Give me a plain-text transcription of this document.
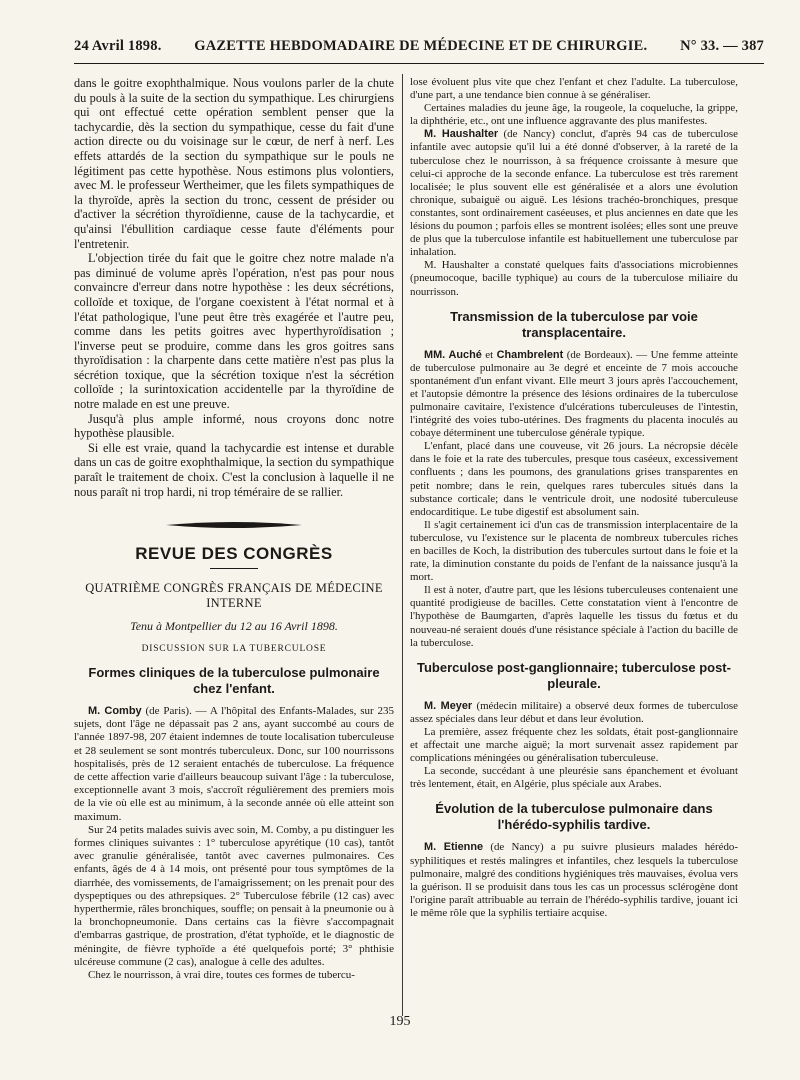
24 Avril 1898. GAZETTE HEBDOMADAIRE DE MÉDECINE ET DE CHIRURGIE. N° 33. — 387

dans le goitre exophthalmique. Nous voulons parler de la chute du pouls à la suite de la section du sympathique. Les chirurgiens qui ont effectué cette opération semblent penser que la tachycardie, dès la section du sympathique, cesse du fait d'une action directe ou du voisinage sur le cœur, de nerf à nerf. Les effets attardés de la section du sympathique sur le pouls ne légitiment pas cette hypothèse. Nous estimons plus volontiers, avec M. le professeur Wertheimer, que les filets sympathiques de la thyroïde, après la section du tronc, cessent de présider ou d'activer la sécrétion thyroïdienne, cause de la tachycardie, et qu'ainsi l'ébullition cardiaque cesse faute d'éléments pour l'entretenir.

L'objection tirée du fait que le goitre chez notre malade n'a pas diminué de volume après l'opération, n'est pas pour nous convaincre d'erreur dans notre hypothèse : les deux sécrétions, colloïde et toxique, de l'organe coexistent à l'état normal et à l'état pathologique, l'une peut être très exagérée et l'autre peu, comme dans les petits goitres avec hyperthyroïdisation ; l'inverse peut se produire, comme dans les gros goitres sans thyroïdisation : la charpente dans cette matière n'est pas plus la sécrétion toxique, que la sécrétion toxique n'est la sécrétion colloïde ; la surintoxication accidentelle par la thyroïdine de notre malade en est une preuve.

Jusqu'à plus ample informé, nous croyons donc notre hypothèse plausible.

Si elle est vraie, quand la tachycardie est intense et durable dans un cas de goitre exophthalmique, la section du sympathique paraît le traitement de choix. C'est la conclusion à laquelle il ne nous paraît ni trop hardi, ni trop téméraire de se rallier.

REVUE DES CONGRÈS
QUATRIÈME CONGRÈS FRANÇAIS DE MÉDECINE INTERNE
Tenu à Montpellier du 12 au 16 Avril 1898.
DISCUSSION SUR LA TUBERCULOSE
Formes cliniques de la tuberculose pulmonaire chez l'enfant.

M. Comby (de Paris). — A l'hôpital des Enfants-Malades, sur 235 sujets, dont l'âge ne dépassait pas 2 ans, ayant succombé au cours de l'année 1897-98, 207 étaient indemnes de toute localisation tuberculeuse et 28 seulement se sont montrés tuberculeux. Donc, sur 100 nourrissons hospitalisés, près de 12 seraient entachés de tuberculose. La fréquence de cette affection varie d'ailleurs beaucoup suivant l'âge : la tuberculose, exceptionnelle avant 3 mois, s'accroît régulièrement des premiers mois de la vie où elle est au minimum, à la seconde année où elle atteint son maximum.

Sur 24 petits malades suivis avec soin, M. Comby, a pu distinguer les formes cliniques suivantes : 1° tuberculose apyrétique (10 cas), tantôt avec granulie généralisée, tantôt avec cavernes pulmonaires. Ces enfants, âgés de 4 à 14 mois, ont présenté pour tous symptômes de la diarrhée, des vomissements, de l'amaigrissement; on les prenait pour des dyspeptiques ou des athrepsiques. 2° Tuberculose fébrile (12 cas) avec hyperthermie, râles bronchiques, souffle; on pensait à la pneumonie ou à la bronchopneumonie. Dans certains cas la fièvre s'accompagnait d'embarras gastrique, de prostration, d'état typhoïde, et le diagnostic de méningite, de fièvre typhoïde a été quelquefois porté; 3° phthisie ulcéreuse commune (2 cas), analogue à celle des adultes.

Chez le nourrisson, à vrai dire, toutes ces formes de tubercu-

lose évoluent plus vite que chez l'enfant et chez l'adulte. La tuberculose, d'une part, a une tendance bien connue à se généraliser.

Certaines maladies du jeune âge, la rougeole, la coqueluche, la grippe, la diphthérie, etc., ont une influence aggravante des plus manifestes.

M. Haushalter (de Nancy) conclut, d'après 94 cas de tuberculose infantile avec autopsie qu'il lui a été donné d'observer, à la rareté de la tuberculose chez le nourrisson, à sa fréquence croissante à mesure que celui-ci approche de la seconde enfance. La tuberculose est très rarement localisée; le plus souvent elle est généralisée et a alors une évolution chronique, subaiguë ou aiguë. Les lésions trachéo-bronchiques, presque constantes, sont ordinairement caséeuses, et plus anciennes en date que les lésions du poumon ; parfois elles se montrent isolées; elles sont une preuve de plus que la tuberculose infantile est habituellement une tuberculose par inhalation.

M. Haushalter a constaté quelques faits d'associations microbiennes (pneumocoque, bacille typhique) au cours de la tuberculose miliaire du nourrisson.

Transmission de la tuberculose par voie transplacentaire.

MM. Auché et Chambrelent (de Bordeaux). — Une femme atteinte de tuberculose pulmonaire au 3e degré et enceinte de 7 mois accouche spontanément d'un enfant vivant. Elle meurt 3 jours après l'accouchement, et l'autopsie démontre la présence des lésions ordinaires de la tuberculose pulmonaire cavitaire, l'existence d'ulcérations tuberculeuses de l'intestin, l'intégrité des voies tubo-utérines. Des fragments du placenta inoculés au cobaye déterminent une tuberculose générale typique.

L'enfant, placé dans une couveuse, vit 26 jours. La nécropsie décèle dans le foie et la rate des tubercules, presque tous caséeux, excessivement confluents ; dans les poumons, des granulations grises transparentes en petit nombre; dans le rein, quelques rares tubercules situés dans la substance corticale; dans le ventricule droit, une nodosité tuberculeuse endocarditique. Le tube digestif est absolument sain.

Il s'agit certainement ici d'un cas de transmission interplacentaire de la tuberculose, vu l'existence sur le placenta de nombreux tubercules riches en bacilles de Koch, la distribution des tubercules surtout dans le foie et la rate, la diminution constante du poids de l'enfant de la naissance jusqu'à la mort.

Il est à noter, d'autre part, que les lésions tuberculeuses contenaient une quantité prodigieuse de bacilles. Cette constatation vient à l'encontre de l'hypothèse de Baumgarten, d'après laquelle les tissus du fœtus et du nouveau-né seraient doués d'une résistance spéciale à l'action du bacille de la tuberculose.

Tuberculose post-ganglionnaire; tuberculose post-pleurale.

M. Meyer (médecin militaire) a observé deux formes de tuberculose assez spéciales dans leur début et dans leur évolution.

La première, assez fréquente chez les soldats, était post-ganglionnaire et affectait une marche aiguë; la mort survenait assez rapidement par complications méningées ou généralisation tuberculeuse.

La seconde, succédant à une pleurésie sans épanchement et évoluant très lentement, était, en Algérie, plus spéciale aux Arabes.

Évolution de la tuberculose pulmonaire dans l'hérédo-syphilis tardive.

M. Etienne (de Nancy) a pu suivre plusieurs malades hérédo-syphilitiques et restés malingres et infantiles, chez lesquels la tuberculose pulmonaire, malgré des conditions hygiéniques très mauvaises, évolua vers la guérison. Il se produisit dans tous les cas un processus sclérogène dont l'origine paraît attribuable au terrain de l'hérédo-syphilis tardive, jouant ici le même rôle que la syphilis tertiaire acquise.

195
